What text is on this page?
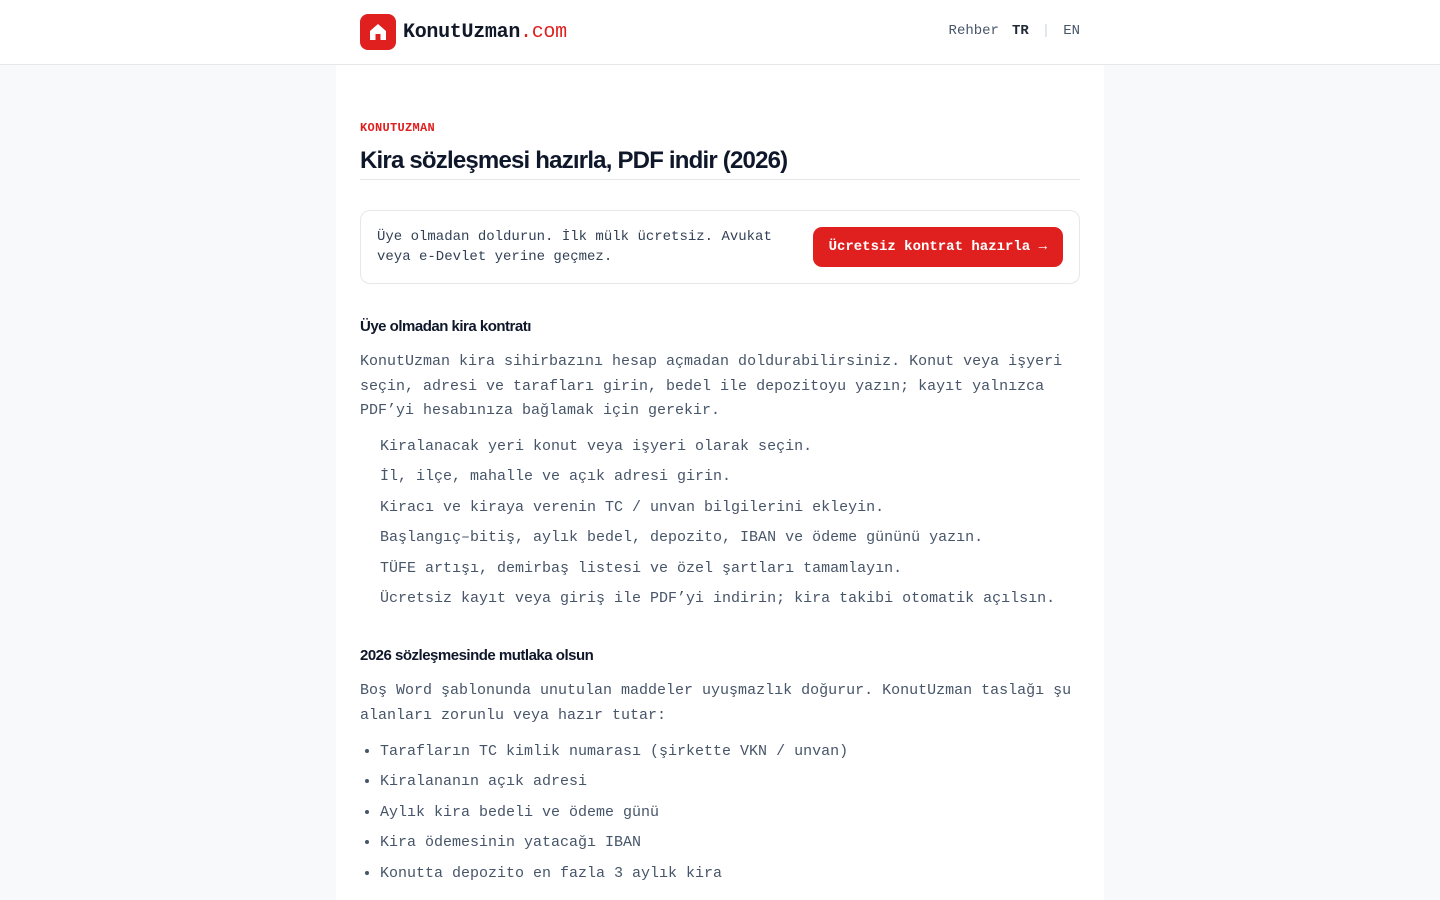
KonutUzman.com	Rehber TR | EN
KONUTUZMAN
Kira sözleşmesi hazırla, PDF indir (2026)

Üye olmadan doldurun. İlk mülk ücretsiz. Avukat veya e-Devlet yerine geçmez.

Ücretsiz kontrat hazırla →
Üye olmadan kira kontratı

KonutUzman kira sihirbazını hesap açmadan doldurabilirsiniz. Konut veya işyeri seçin, adresi ve tarafları girin, bedel ile depozitoyu yazın; kayıt yalnızca PDF’yi hesabınıza bağlamak için gerekir.

Kiralanacak yeri konut veya işyeri olarak seçin.
İl, ilçe, mahalle ve açık adresi girin.
Kiracı ve kiraya verenin TC / unvan bilgilerini ekleyin.
Başlangıç–bitiş, aylık bedel, depozito, IBAN ve ödeme gününü yazın.
TÜFE artışı, demirbaş listesi ve özel şartları tamamlayın.
Ücretsiz kayıt veya giriş ile PDF’yi indirin; kira takibi otomatik açılsın.
2026 sözleşmesinde mutlaka olsun

Boş Word şablonunda unutulan maddeler uyuşmazlık doğurur. KonutUzman taslağı şu alanları zorunlu veya hazır tutar:

• Tarafların TC kimlik numarası (şirkette VKN / unvan)
• Kiralananın açık adresi
• Aylık kira bedeli ve ödeme günü
• Kira ödemesinin yatacağı IBAN
• Konutta depozito en fazla 3 aylık kira
